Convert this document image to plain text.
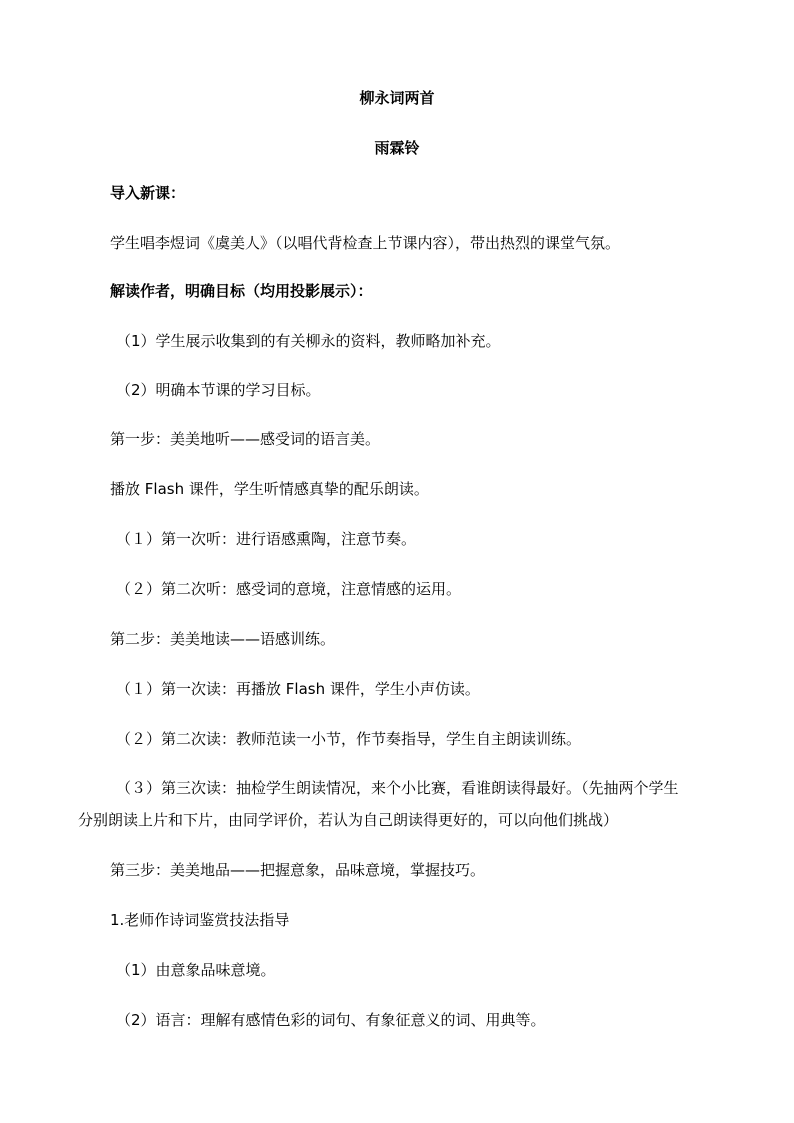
柳永词两首
雨霖铃
导入新课：
学生唱李煜词《虞美人》（以唱代背检查上节课内容），带出热烈的课堂气氛。
解读作者，明确目标（均用投影展示）：
（1）学生展示收集到的有关柳永的资料，教师略加补充。
（2）明确本节课的学习目标。
第一步：美美地听——感受词的语言美。
播放 Flash 课件，学生听情感真挚的配乐朗读。
（１）第一次听：进行语感熏陶，注意节奏。
（２）第二次听：感受词的意境，注意情感的运用。
第二步：美美地读——语感训练。
（１）第一次读：再播放 Flash 课件，学生小声仿读。
（２）第二次读：教师范读一小节，作节奏指导，学生自主朗读训练。
（３）第三次读：抽检学生朗读情况，来个小比赛，看谁朗读得最好。（先抽两个学生
分别朗读上片和下片，由同学评价，若认为自己朗读得更好的，可以向他们挑战）
第三步：美美地品——把握意象，品味意境，掌握技巧。
1.老师作诗词鉴赏技法指导
（1）由意象品味意境。
（2）语言：理解有感情色彩的词句、有象征意义的词、用典等。
